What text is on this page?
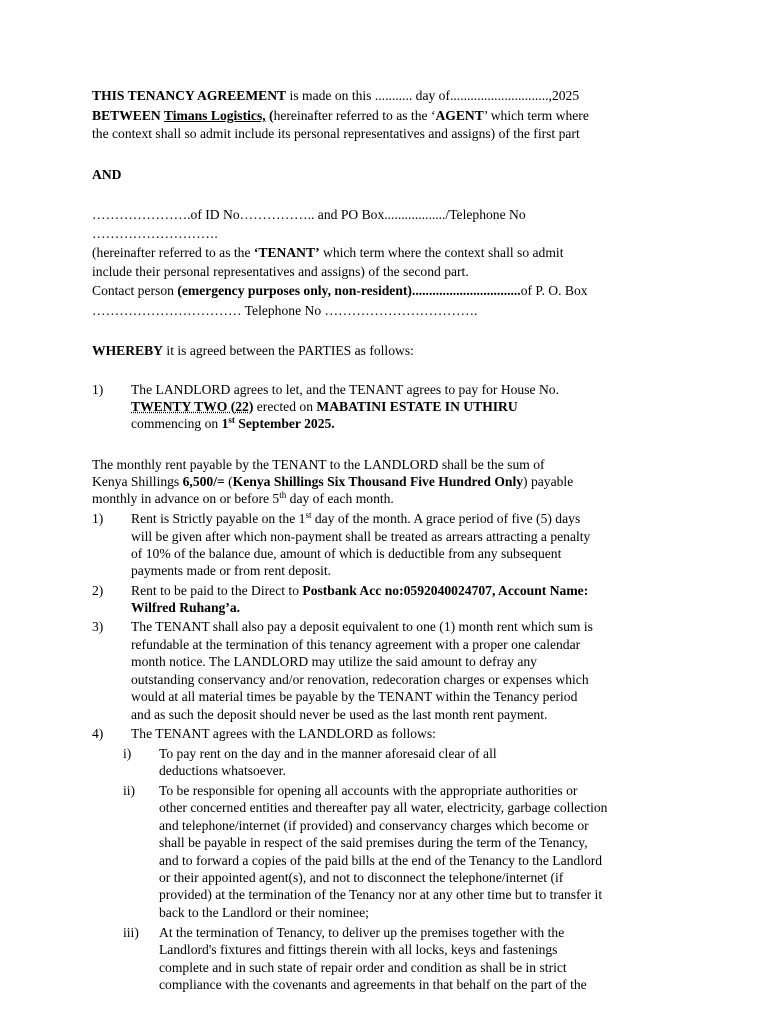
THIS TENANCY AGREEMENT is made on this ........... day of.............................,2025
BETWEEN Timans Logistics, (hereinafter referred to as the ‘AGENT’ which term where
the context shall so admit include its personal representatives and assigns) of the first part
AND
………………….of ID No…………….. and PO Box................../Telephone No
……………………….
(hereinafter referred to as the ‘TENANT’ which term where the context shall so admit
include their personal representatives and assigns) of the second part.
Contact person (emergency purposes only, non-resident)................................of P. O. Box
…………………………… Telephone No …………………………….
WHEREBY it is agreed between the PARTIES as follows:
1) The LANDLORD agrees to let, and the TENANT agrees to pay for House No.
TWENTY TWO (22) erected on MABATINI ESTATE IN UTHIRU
commencing on 1st September 2025.
The monthly rent payable by the TENANT to the LANDLORD shall be the sum of
Kenya Shillings 6,500/= (Kenya Shillings Six Thousand Five Hundred Only) payable
monthly in advance on or before 5th day of each month.
1) Rent is Strictly payable on the 1st day of the month. A grace period of five (5) days
will be given after which non-payment shall be treated as arrears attracting a penalty
of 10% of the balance due, amount of which is deductible from any subsequent
payments made or from rent deposit.
2) Rent to be paid to the Direct to Postbank Acc no:0592040024707, Account Name:
Wilfred Ruhang’a.
3) The TENANT shall also pay a deposit equivalent to one (1) month rent which sum is
refundable at the termination of this tenancy agreement with a proper one calendar
month notice. The LANDLORD may utilize the said amount to defray any
outstanding conservancy and/or renovation, redecoration charges or expenses which
would at all material times be payable by the TENANT within the Tenancy period
and as such the deposit should never be used as the last month rent payment.
4) The TENANT agrees with the LANDLORD as follows:
i) To pay rent on the day and in the manner aforesaid clear of all
deductions whatsoever.
ii) To be responsible for opening all accounts with the appropriate authorities or
other concerned entities and thereafter pay all water, electricity, garbage collection
and telephone/internet (if provided) and conservancy charges which become or
shall be payable in respect of the said premises during the term of the Tenancy,
and to forward a copies of the paid bills at the end of the Tenancy to the Landlord
or their appointed agent(s), and not to disconnect the telephone/internet (if
provided) at the termination of the Tenancy nor at any other time but to transfer it
back to the Landlord or their nominee;
iii) At the termination of Tenancy, to deliver up the premises together with the
Landlord's fixtures and fittings therein with all locks, keys and fastenings
complete and in such state of repair order and condition as shall be in strict
compliance with the covenants and agreements in that behalf on the part of the
